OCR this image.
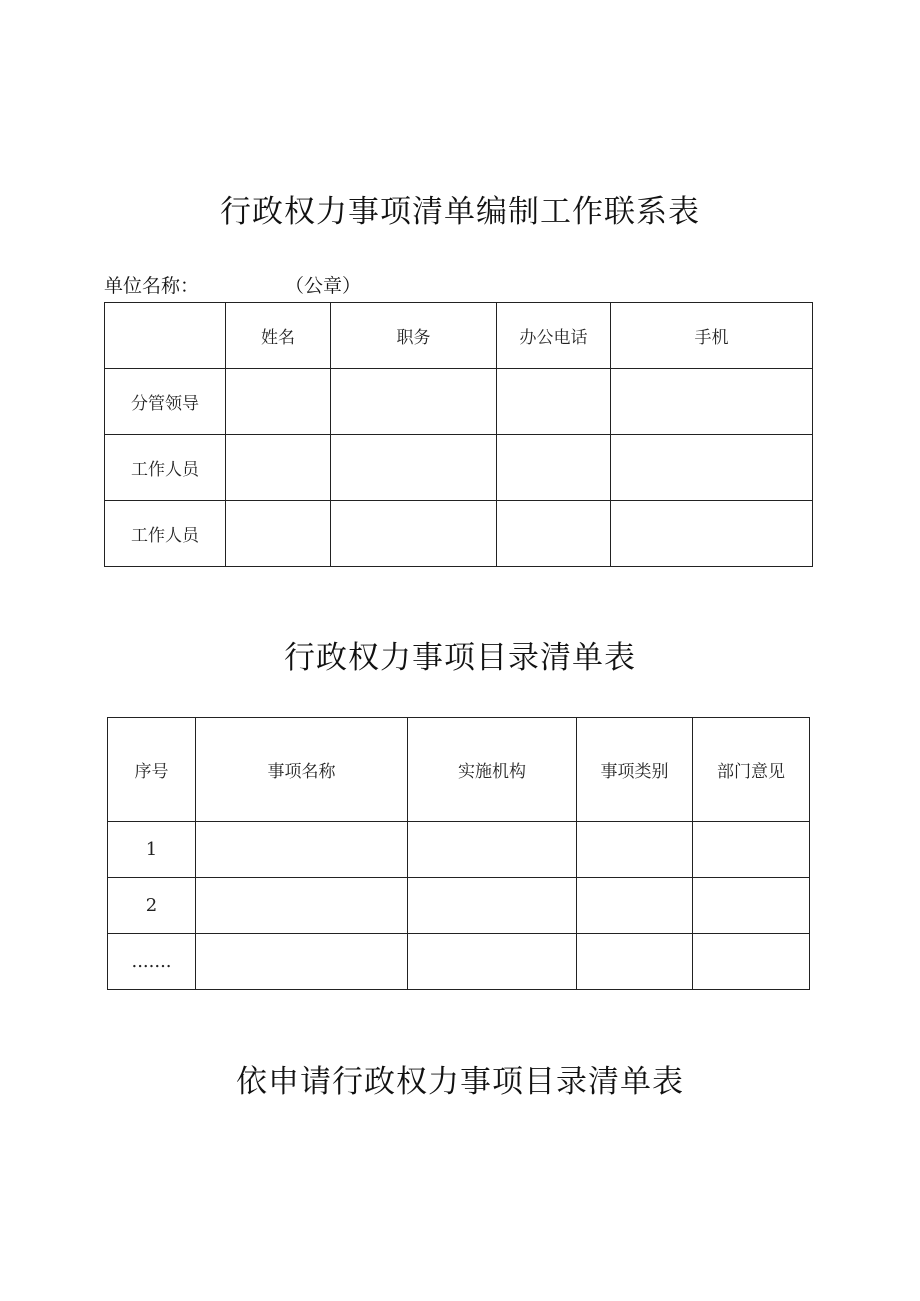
行政权力事项清单编制工作联系表
单位名称：	（公章）
	姓名	职务	办公电话	手机
分管领导				
工作人员				
工作人员				
行政权力事项目录清单表
序号	事项名称	实施机构	事项类别	部门意见
1				
2				
.......				
依申请行政权力事项目录清单表
